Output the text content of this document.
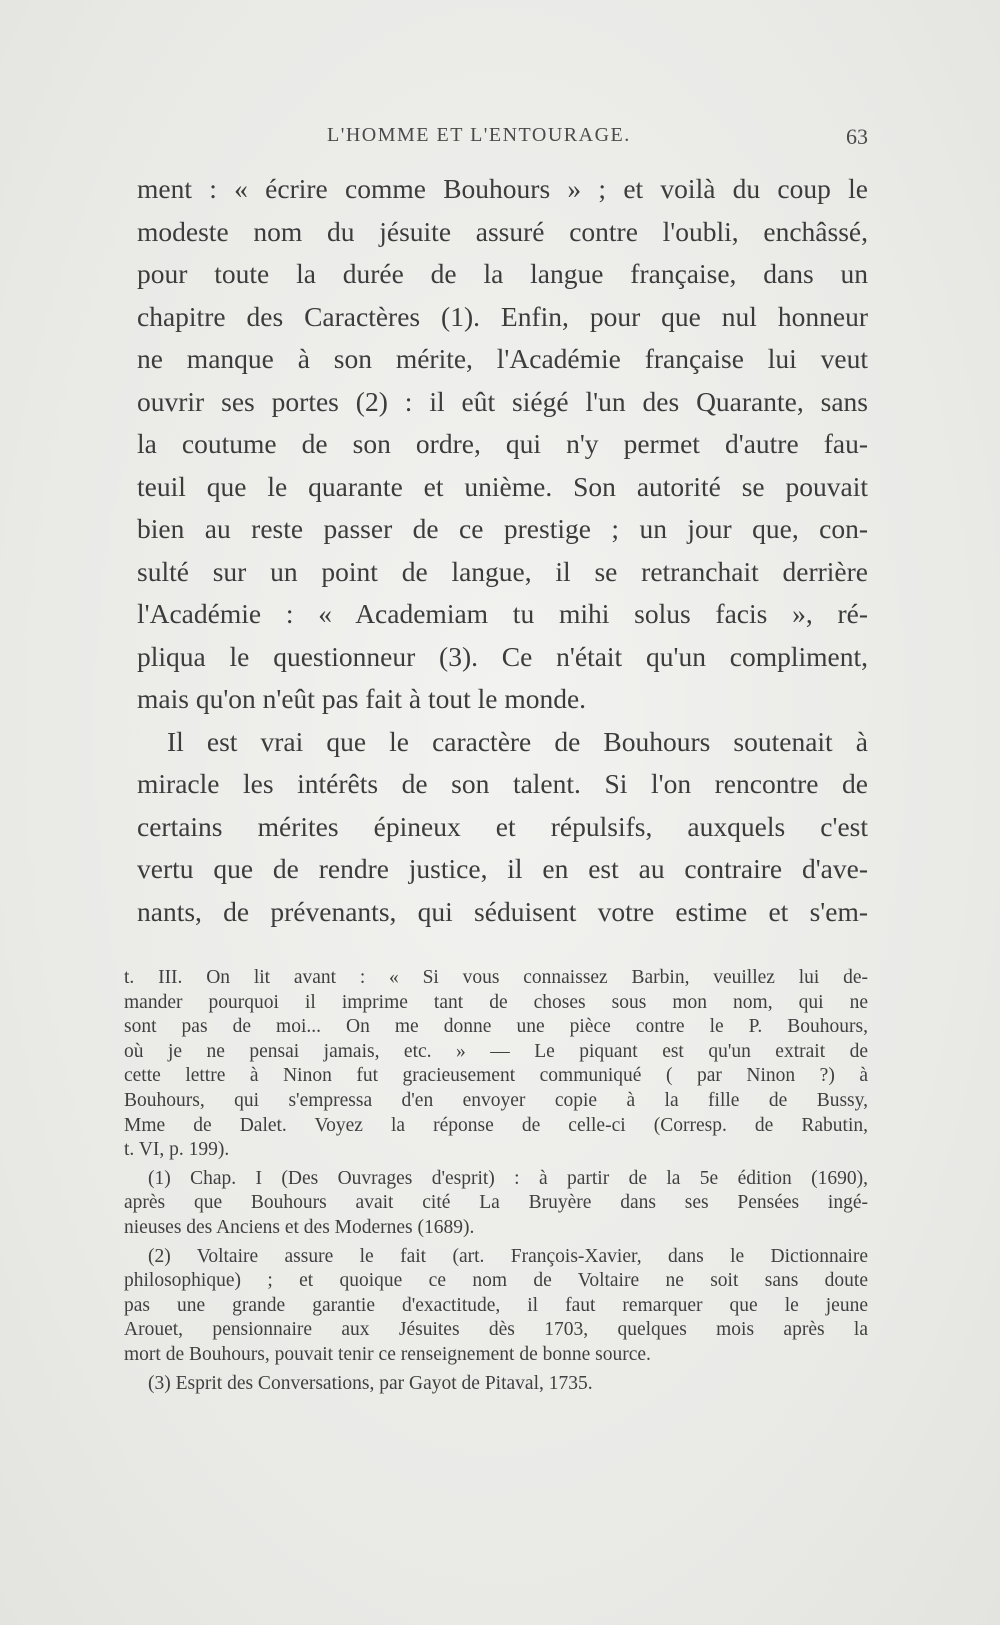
L'HOMME ET L'ENTOURAGE.	63
ment : « écrire comme Bouhours » ; et voilà du coup le
modeste nom du jésuite assuré contre l'oubli, enchâssé,
pour toute la durée de la langue française, dans un
chapitre des Caractères (1). Enfin, pour que nul honneur
ne manque à son mérite, l'Académie française lui veut
ouvrir ses portes (2) : il eût siégé l'un des Quarante, sans
la coutume de son ordre, qui n'y permet d'autre fau-
teuil que le quarante et unième. Son autorité se pouvait
bien au reste passer de ce prestige ; un jour que, con-
sulté sur un point de langue, il se retranchait derrière
l'Académie : « Academiam tu mihi solus facis », ré-
pliqua le questionneur (3). Ce n'était qu'un compliment,
mais qu'on n'eût pas fait à tout le monde.
Il est vrai que le caractère de Bouhours soutenait à
miracle les intérêts de son talent. Si l'on rencontre de
certains mérites épineux et répulsifs, auxquels c'est
vertu que de rendre justice, il en est au contraire d'ave-
nants, de prévenants, qui séduisent votre estime et s'em-
t. III. On lit avant : « Si vous connaissez Barbin, veuillez lui de-
mander pourquoi il imprime tant de choses sous mon nom, qui ne
sont pas de moi... On me donne une pièce contre le P. Bouhours,
où je ne pensai jamais, etc. » — Le piquant est qu'un extrait de
cette lettre à Ninon fut gracieusement communiqué ( par Ninon ?) à
Bouhours, qui s'empressa d'en envoyer copie à la fille de Bussy,
Mme de Dalet. Voyez la réponse de celle-ci (Corresp. de Rabutin,
t. VI, p. 199).
(1) Chap. I (Des Ouvrages d'esprit) : à partir de la 5e édition (1690),
après que Bouhours avait cité La Bruyère dans ses Pensées ingé-
nieuses des Anciens et des Modernes (1689).
(2) Voltaire assure le fait (art. François-Xavier, dans le Dictionnaire
philosophique) ; et quoique ce nom de Voltaire ne soit sans doute
pas une grande garantie d'exactitude, il faut remarquer que le jeune
Arouet, pensionnaire aux Jésuites dès 1703, quelques mois après la
mort de Bouhours, pouvait tenir ce renseignement de bonne source.
(3) Esprit des Conversations, par Gayot de Pitaval, 1735.
